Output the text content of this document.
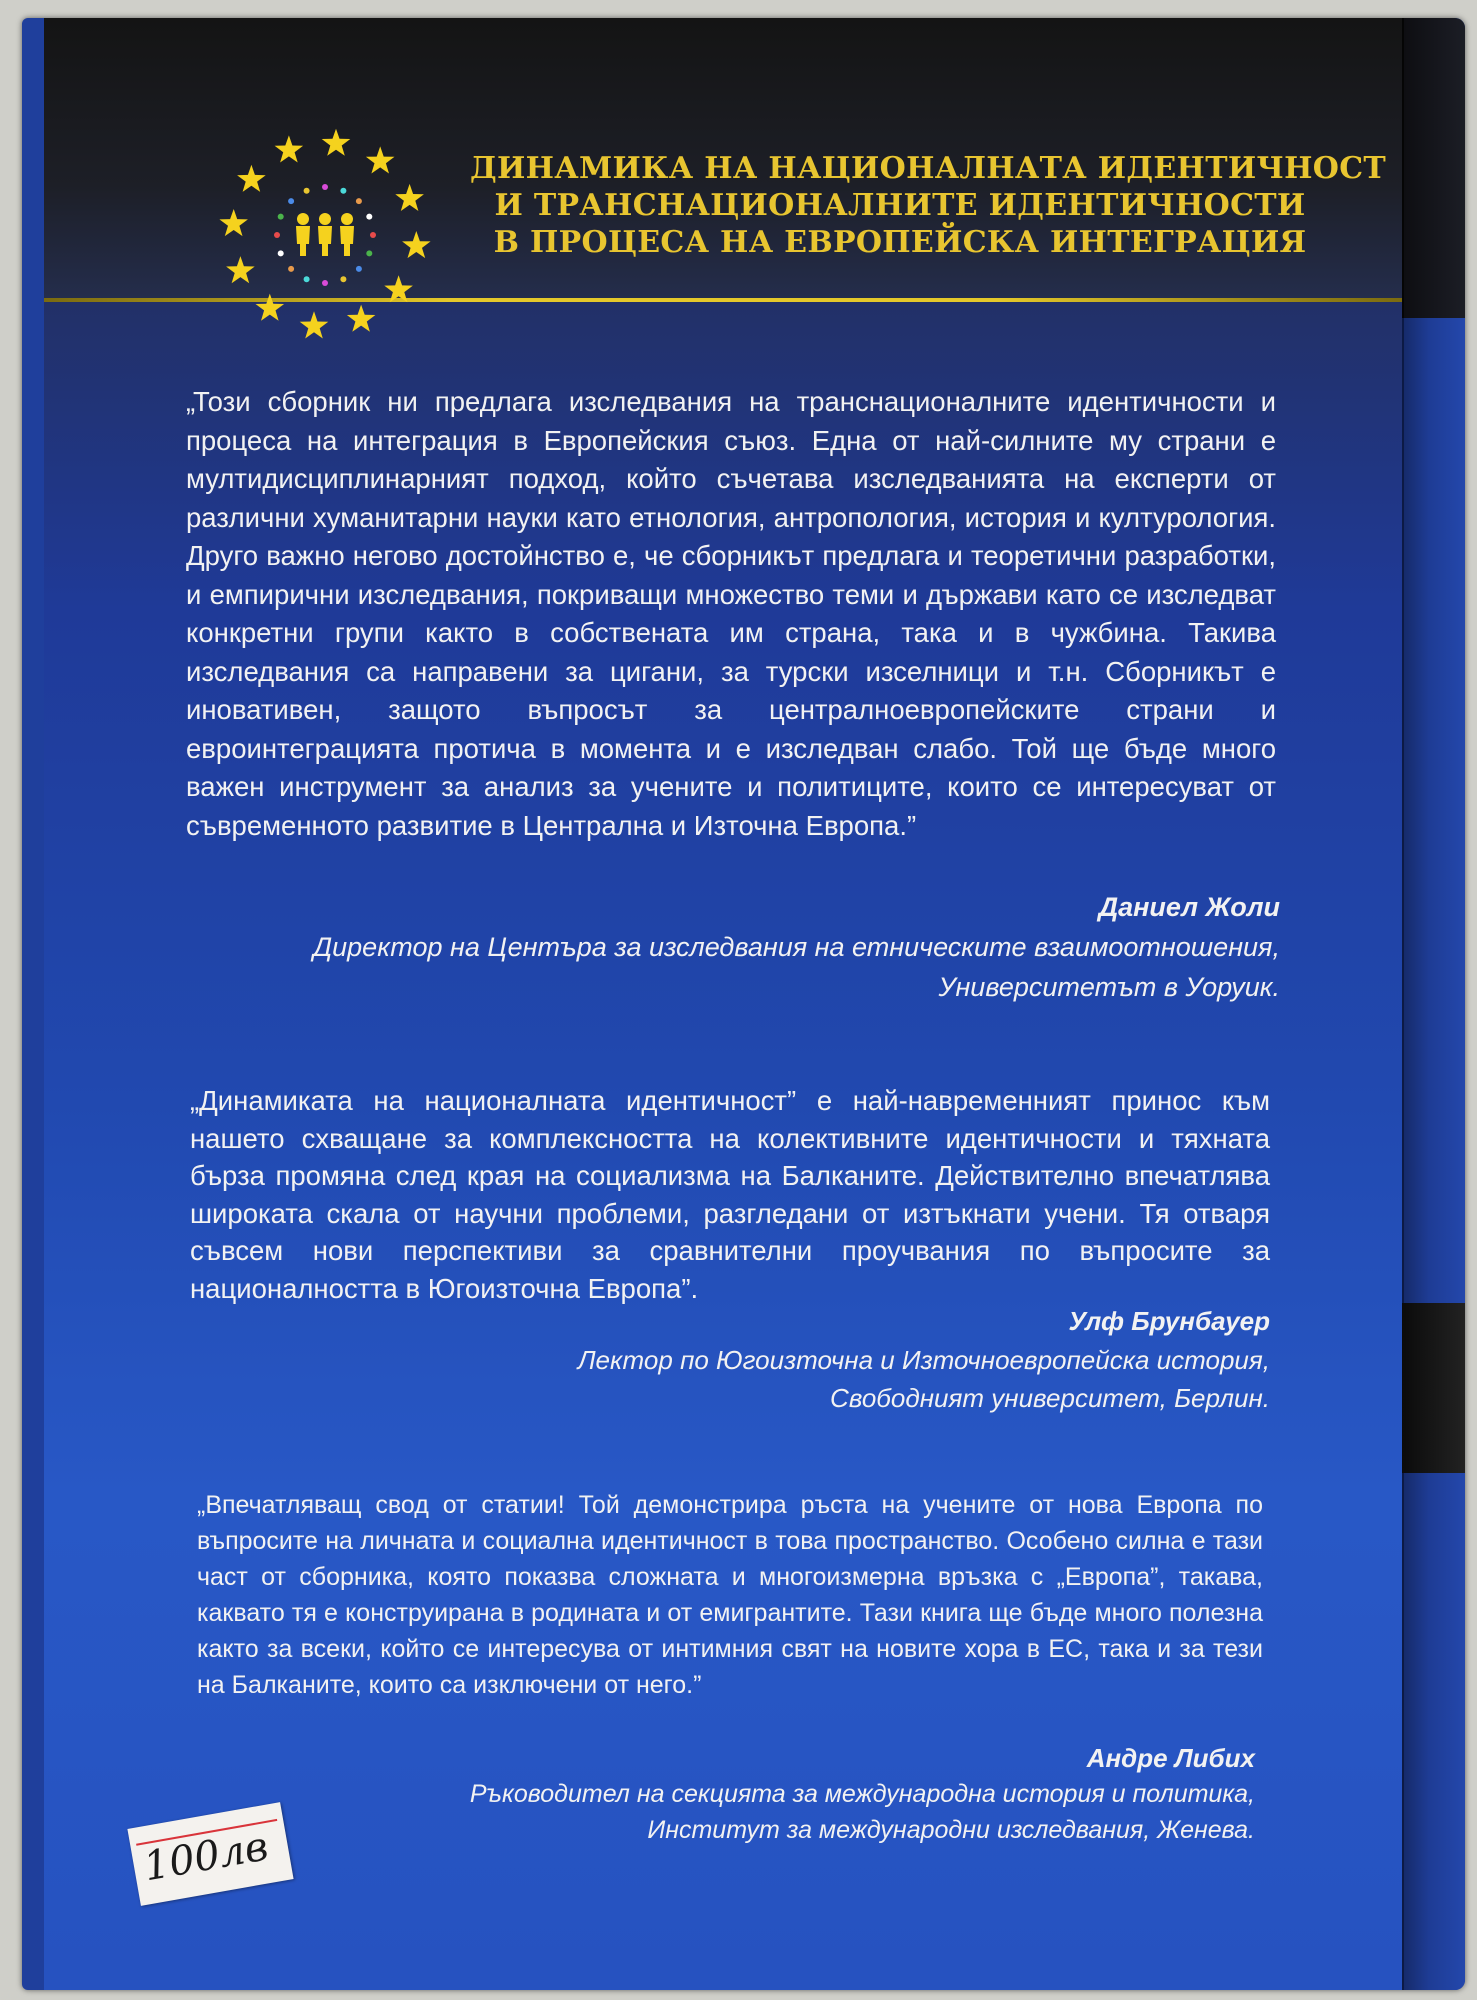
ДИНАМИКА НА НАЦИОНАЛНАТА ИДЕНТИЧНОСТ
И ТРАНСНАЦИОНАЛНИТЕ ИДЕНТИЧНОСТИ
В ПРОЦЕСА НА ЕВРОПЕЙСКА ИНТЕГРАЦИЯ

„Този сборник ни предлага изследвания на транснационалните идентичности и процеса на интеграция в Европейския съюз. Една от най-силните му страни е мултидисциплинарният подход, който съчетава изследванията на експерти от различни хуманитарни науки като етнология, антропология, история и културология. Друго важно негово достойнство е, че сборникът предлага и теоретични разработки, и емпирични изследвания, покриващи множество теми и държави като се изследват конкретни групи както в собствената им страна, така и в чужбина. Такива изследвания са направени за цигани, за турски изселници и т.н. Сборникът е иновативен, защото въпросът за централноевропейските страни и евроинтеграцията протича в момента и е изследван слабо. Той ще бъде много важен инструмент за анализ за учените и политиците, които се интересуват от съвременното развитие в Централна и Източна Европа.”

Даниел Жоли
Директор на Центъра за изследвания на етническите взаимоотношения,
Университетът в Уоруик.

„Динамиката на националната идентичност” е най-навременният принос към нашето схващане за комплексността на колективните идентичности и тяхната бърза промяна след края на социализма на Балканите. Действително впечатлява широката скала от научни проблеми, разгледани от изтъкнати учени. Тя отваря съвсем нови перспективи за сравнителни проучвания по въпросите за националността в Югоизточна Европа”.

Улф Брунбауер
Лектор по Югоизточна и Източноевропейска история,
Свободният университет, Берлин.

„Впечатляващ свод от статии! Той демонстрира ръста на учените от нова Европа по въпросите на личната и социална идентичност в това пространство. Особено силна е тази част от сборника, която показва сложната и многоизмерна връзка с „Европа”, такава, каквато тя е конструирана в родината и от емигрантите. Тази книга ще бъде много полезна както за всеки, който се интересува от интимния свят на новите хора в ЕС, така и за тези на Балканите, които са изключени от него.”

Андре Либих
Ръководител на секцията за международна история и политика,
Институт за международни изследвания, Женева.
100лв
